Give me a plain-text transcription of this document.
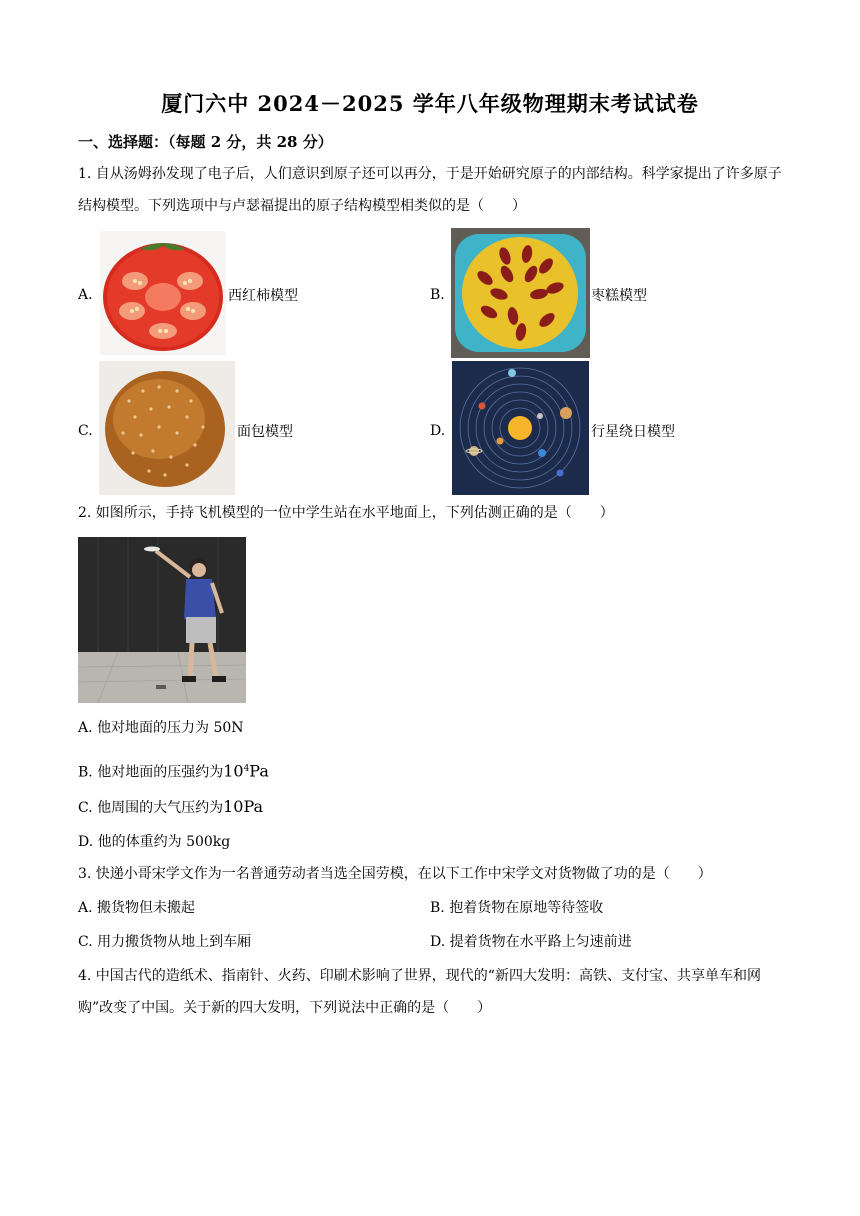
厦门六中 2024－2025 学年八年级物理期末考试试卷
一、选择题：（每题 2 分，共 28 分）
1. 自从汤姆孙发现了电子后，人们意识到原子还可以再分，于是开始研究原子的内部结构。科学家提出了许多原子结构模型。下列选项中与卢瑟福提出的原子结构模型相类似的是（　　）
A.	西红柿模型	B.	枣糕模型
C.	面包模型	D.	行星绕日模型
2. 如图所示，手持飞机模型的一位中学生站在水平地面上，下列估测正确的是（　　）
A. 他对地面的压力为 50N
B. 他对地面的压强约为$10^4Pa$
C. 他周围的大气压约为10Pa
D. 他的体重约为 500kg
3. 快递小哥宋学文作为一名普通劳动者当选全国劳模，在以下工作中宋学文对货物做了功的是（　　）
A. 搬货物但未搬起	B. 抱着货物在原地等待签收
C. 用力搬货物从地上到车厢	D. 提着货物在水平路上匀速前进
4. 中国古代的造纸术、指南针、火药、印刷术影响了世界，现代的“新四大发明：高铁、支付宝、共享单车和网购”改变了中国。关于新的四大发明，下列说法中正确的是（　　）
